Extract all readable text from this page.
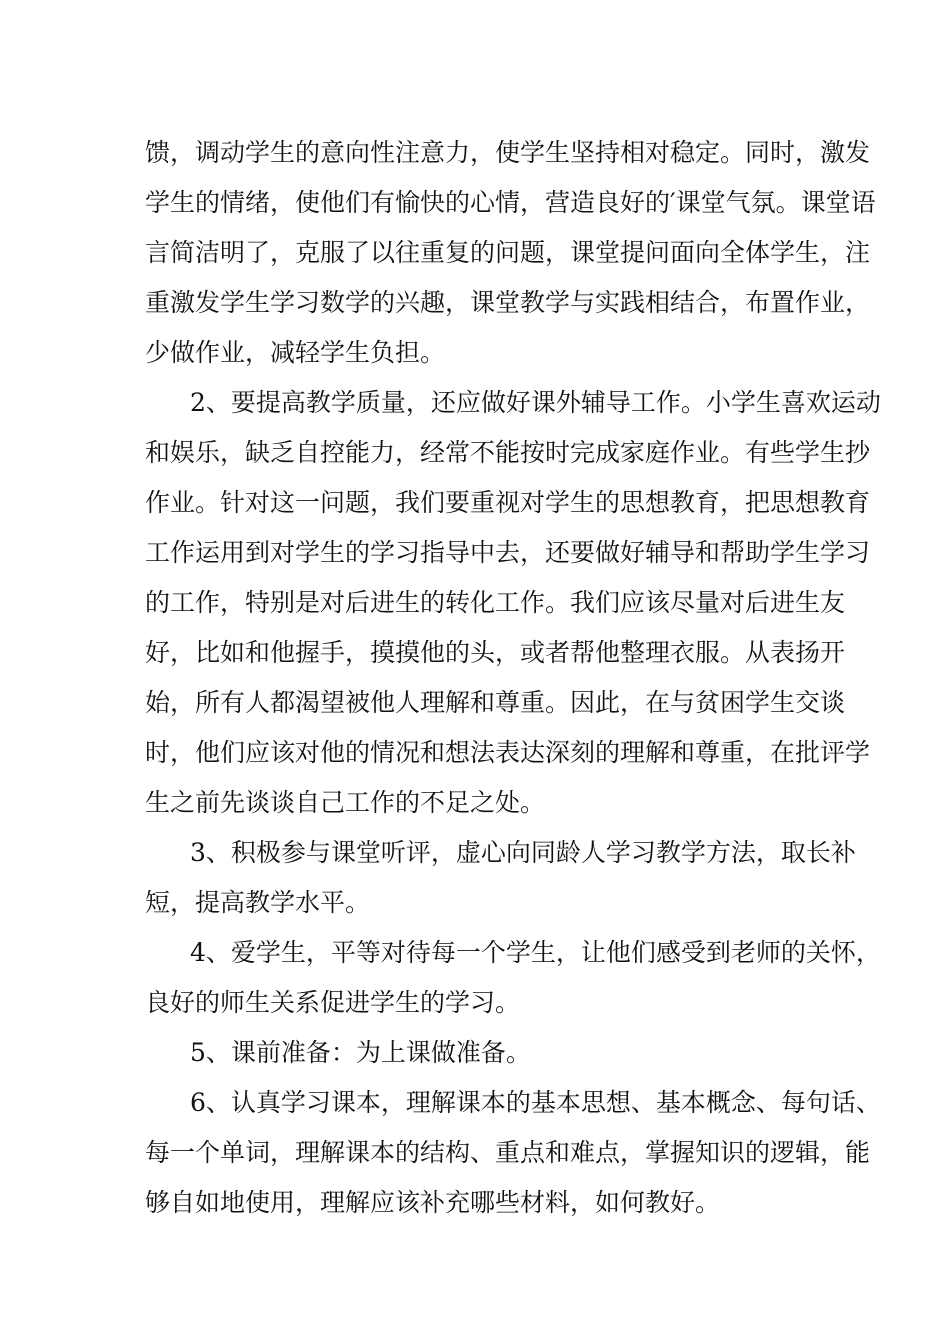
馈，调动学生的意向性注意力，使学生坚持相对稳定。同时，激发
学生的情绪，使他们有愉快的心情，营造良好的′课堂气氛。课堂语
言简洁明了，克服了以往重复的问题，课堂提问面向全体学生，注
重激发学生学习数学的兴趣，课堂教学与实践相结合，布置作业，
少做作业，减轻学生负担。
2、要提高教学质量，还应做好课外辅导工作。小学生喜欢运动
和娱乐，缺乏自控能力，经常不能按时完成家庭作业。有些学生抄
作业。针对这一问题，我们要重视对学生的思想教育，把思想教育
工作运用到对学生的学习指导中去，还要做好辅导和帮助学生学习
的工作，特别是对后进生的转化工作。我们应该尽量对后进生友
好，比如和他握手，摸摸他的头，或者帮他整理衣服。从表扬开
始，所有人都渴望被他人理解和尊重。因此，在与贫困学生交谈
时，他们应该对他的情况和想法表达深刻的理解和尊重，在批评学
生之前先谈谈自己工作的不足之处。
3、积极参与课堂听评，虚心向同龄人学习教学方法，取长补
短，提高教学水平。
4、爱学生，平等对待每一个学生，让他们感受到老师的关怀，
良好的师生关系促进学生的学习。
5、课前准备：为上课做准备。
6、认真学习课本，理解课本的基本思想、基本概念、每句话、
每一个单词，理解课本的结构、重点和难点，掌握知识的逻辑，能
够自如地使用，理解应该补充哪些材料，如何教好。
